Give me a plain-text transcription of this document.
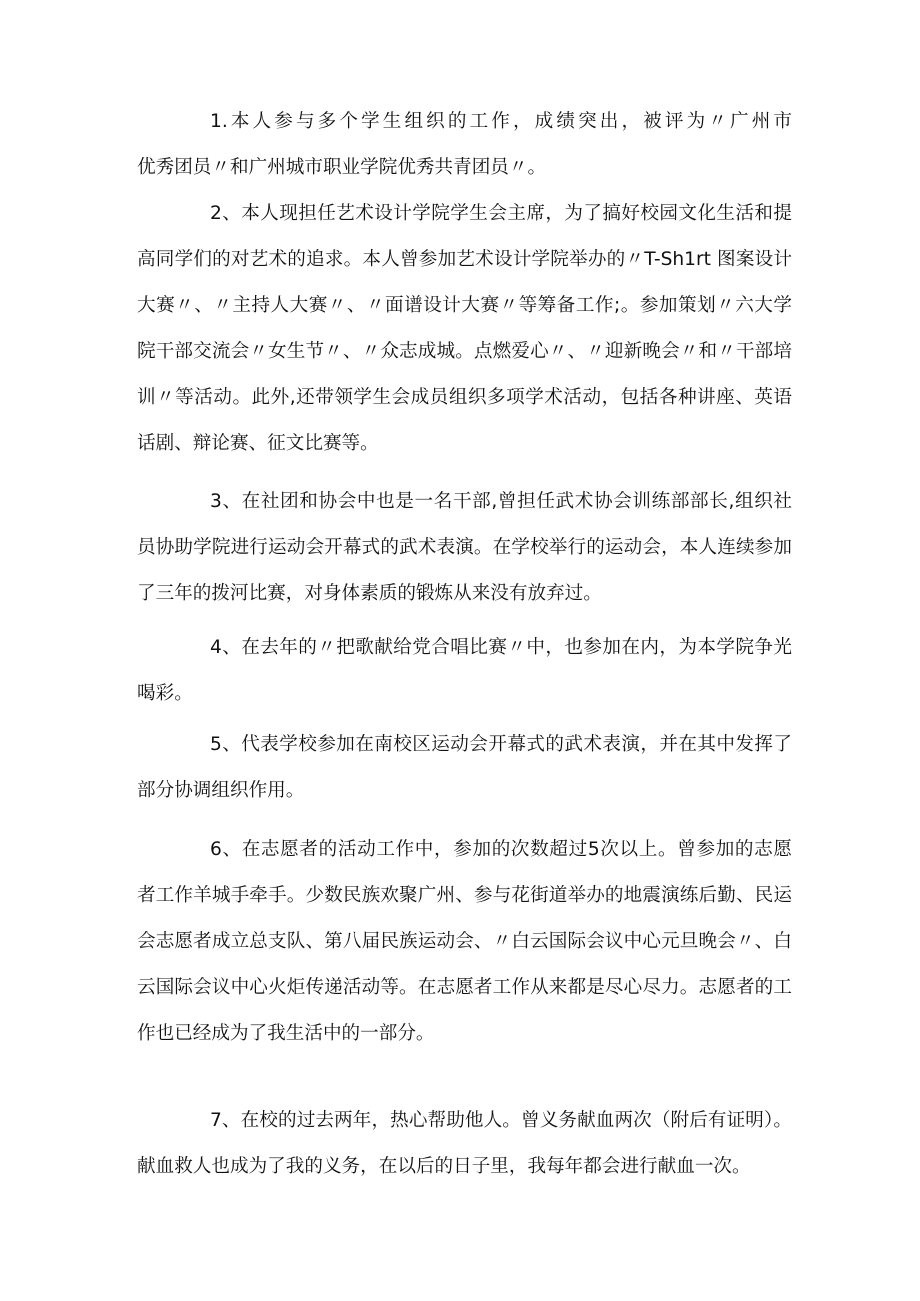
1.本人参与多个学生组织的工作，成绩突出，被评为〃广州市
优秀团员〃和广州城市职业学院优秀共青团员〃。
2、本人现担任艺术设计学院学生会主席，为了搞好校园文化生活和提
高同学们的对艺术的追求。本人曾参加艺术设计学院举办的〃T-Sh1rt 图案设计
大赛〃、〃主持人大赛〃、〃面谱设计大赛〃等筹备工作;。参加策划〃六大学
院干部交流会〃女生节〃、〃众志成城。点燃爱心〃、〃迎新晚会〃和〃干部培
训〃等活动。此外,还带领学生会成员组织多项学术活动，包括各种讲座、英语
话剧、辩论赛、征文比赛等。
3、在社团和协会中也是一名干部,曾担任武术协会训练部部长,组织社
员协助学院进行运动会开幕式的武术表演。在学校举行的运动会，本人连续参加
了三年的拨河比赛，对身体素质的锻炼从来没有放弃过。
4、在去年的〃把歌献给党合唱比赛〃中，也参加在内，为本学院争光
喝彩。
5、代表学校参加在南校区运动会开幕式的武术表演，并在其中发挥了
部分协调组织作用。
6、在志愿者的活动工作中，参加的次数超过5次以上。曾参加的志愿
者工作羊城手牵手。少数民族欢聚广州、参与花街道举办的地震演练后勤、民运
会志愿者成立总支队、第八届民族运动会、〃白云国际会议中心元旦晚会〃、白
云国际会议中心火炬传递活动等。在志愿者工作从来都是尽心尽力。志愿者的工
作也已经成为了我生活中的一部分。
7、在校的过去两年，热心帮助他人。曾义务献血两次（附后有证明）。
献血救人也成为了我的义务，在以后的日子里，我每年都会进行献血一次。
